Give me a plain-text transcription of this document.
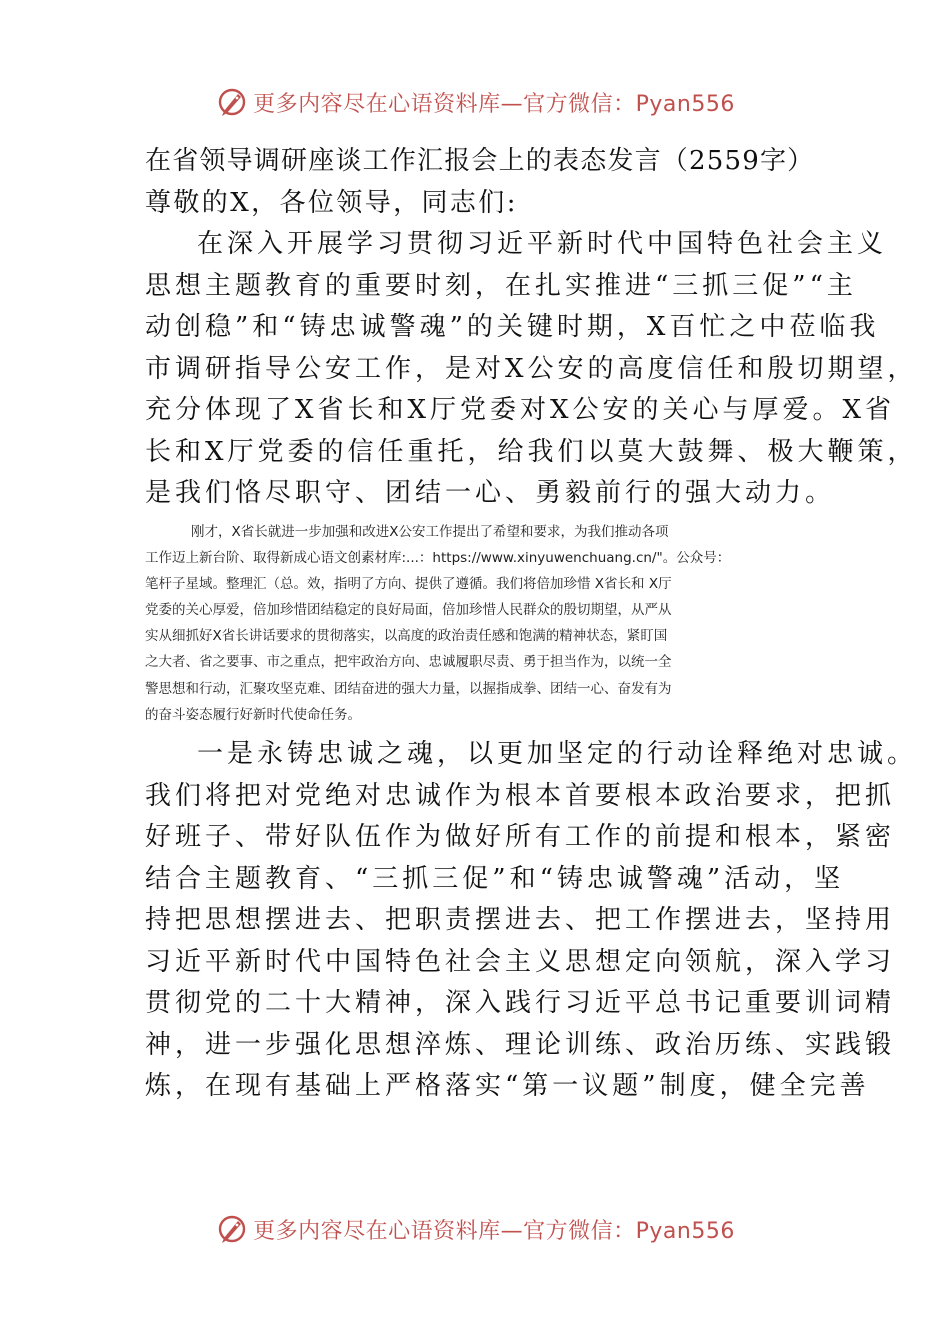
更多内容尽在心语资料库—官方微信：Pyan556
在省领导调研座谈工作汇报会上的表态发言（2559字）
尊敬的X，各位领导，同志们:
在深入开展学习贯彻习近平新时代中国特色社会主义
思想主题教育的重要时刻，在扎实推进“三抓三促”“主
动创稳”和“铸忠诚警魂”的关键时期，X百忙之中莅临我
市调研指导公安工作，是对X公安的高度信任和殷切期望，
充分体现了X省长和X厅党委对X公安的关心与厚爱。X省
长和X厅党委的信任重托，给我们以莫大鼓舞、极大鞭策，
是我们恪尽职守、团结一心、勇毅前行的强大动力。
刚才，X省长就进一步加强和改进X公安工作提出了希望和要求，为我们推动各项
工作迈上新台阶、取得新成心语文创素材库:...：https://www.xinyuwenchuang.cn/"。公众号：
笔杆子星域。整理汇（总。效，指明了方向、提供了遵循。我们将倍加珍惜 X省长和 X厅
党委的关心厚爱，倍加珍惜团结稳定的良好局面，倍加珍惜人民群众的殷切期望，从严从
实从细抓好X省长讲话要求的贯彻落实，以高度的政治责任感和饱满的精神状态，紧盯国
之大者、省之要事、市之重点，把牢政治方向、忠诚履职尽责、勇于担当作为，以统一全
警思想和行动，汇聚攻坚克难、团结奋进的强大力量，以握指成拳、团结一心、奋发有为
的奋斗姿态履行好新时代使命任务。
一是永铸忠诚之魂，以更加坚定的行动诠释绝对忠诚。
我们将把对党绝对忠诚作为根本首要根本政治要求，把抓
好班子、带好队伍作为做好所有工作的前提和根本，紧密
结合主题教育、“三抓三促”和“铸忠诚警魂”活动，坚
持把思想摆进去、把职责摆进去、把工作摆进去，坚持用
习近平新时代中国特色社会主义思想定向领航，深入学习
贯彻党的二十大精神，深入践行习近平总书记重要训词精
神，进一步强化思想淬炼、理论训练、政治历练、实践锻
炼，在现有基础上严格落实“第一议题”制度，健全完善
更多内容尽在心语资料库—官方微信：Pyan556
